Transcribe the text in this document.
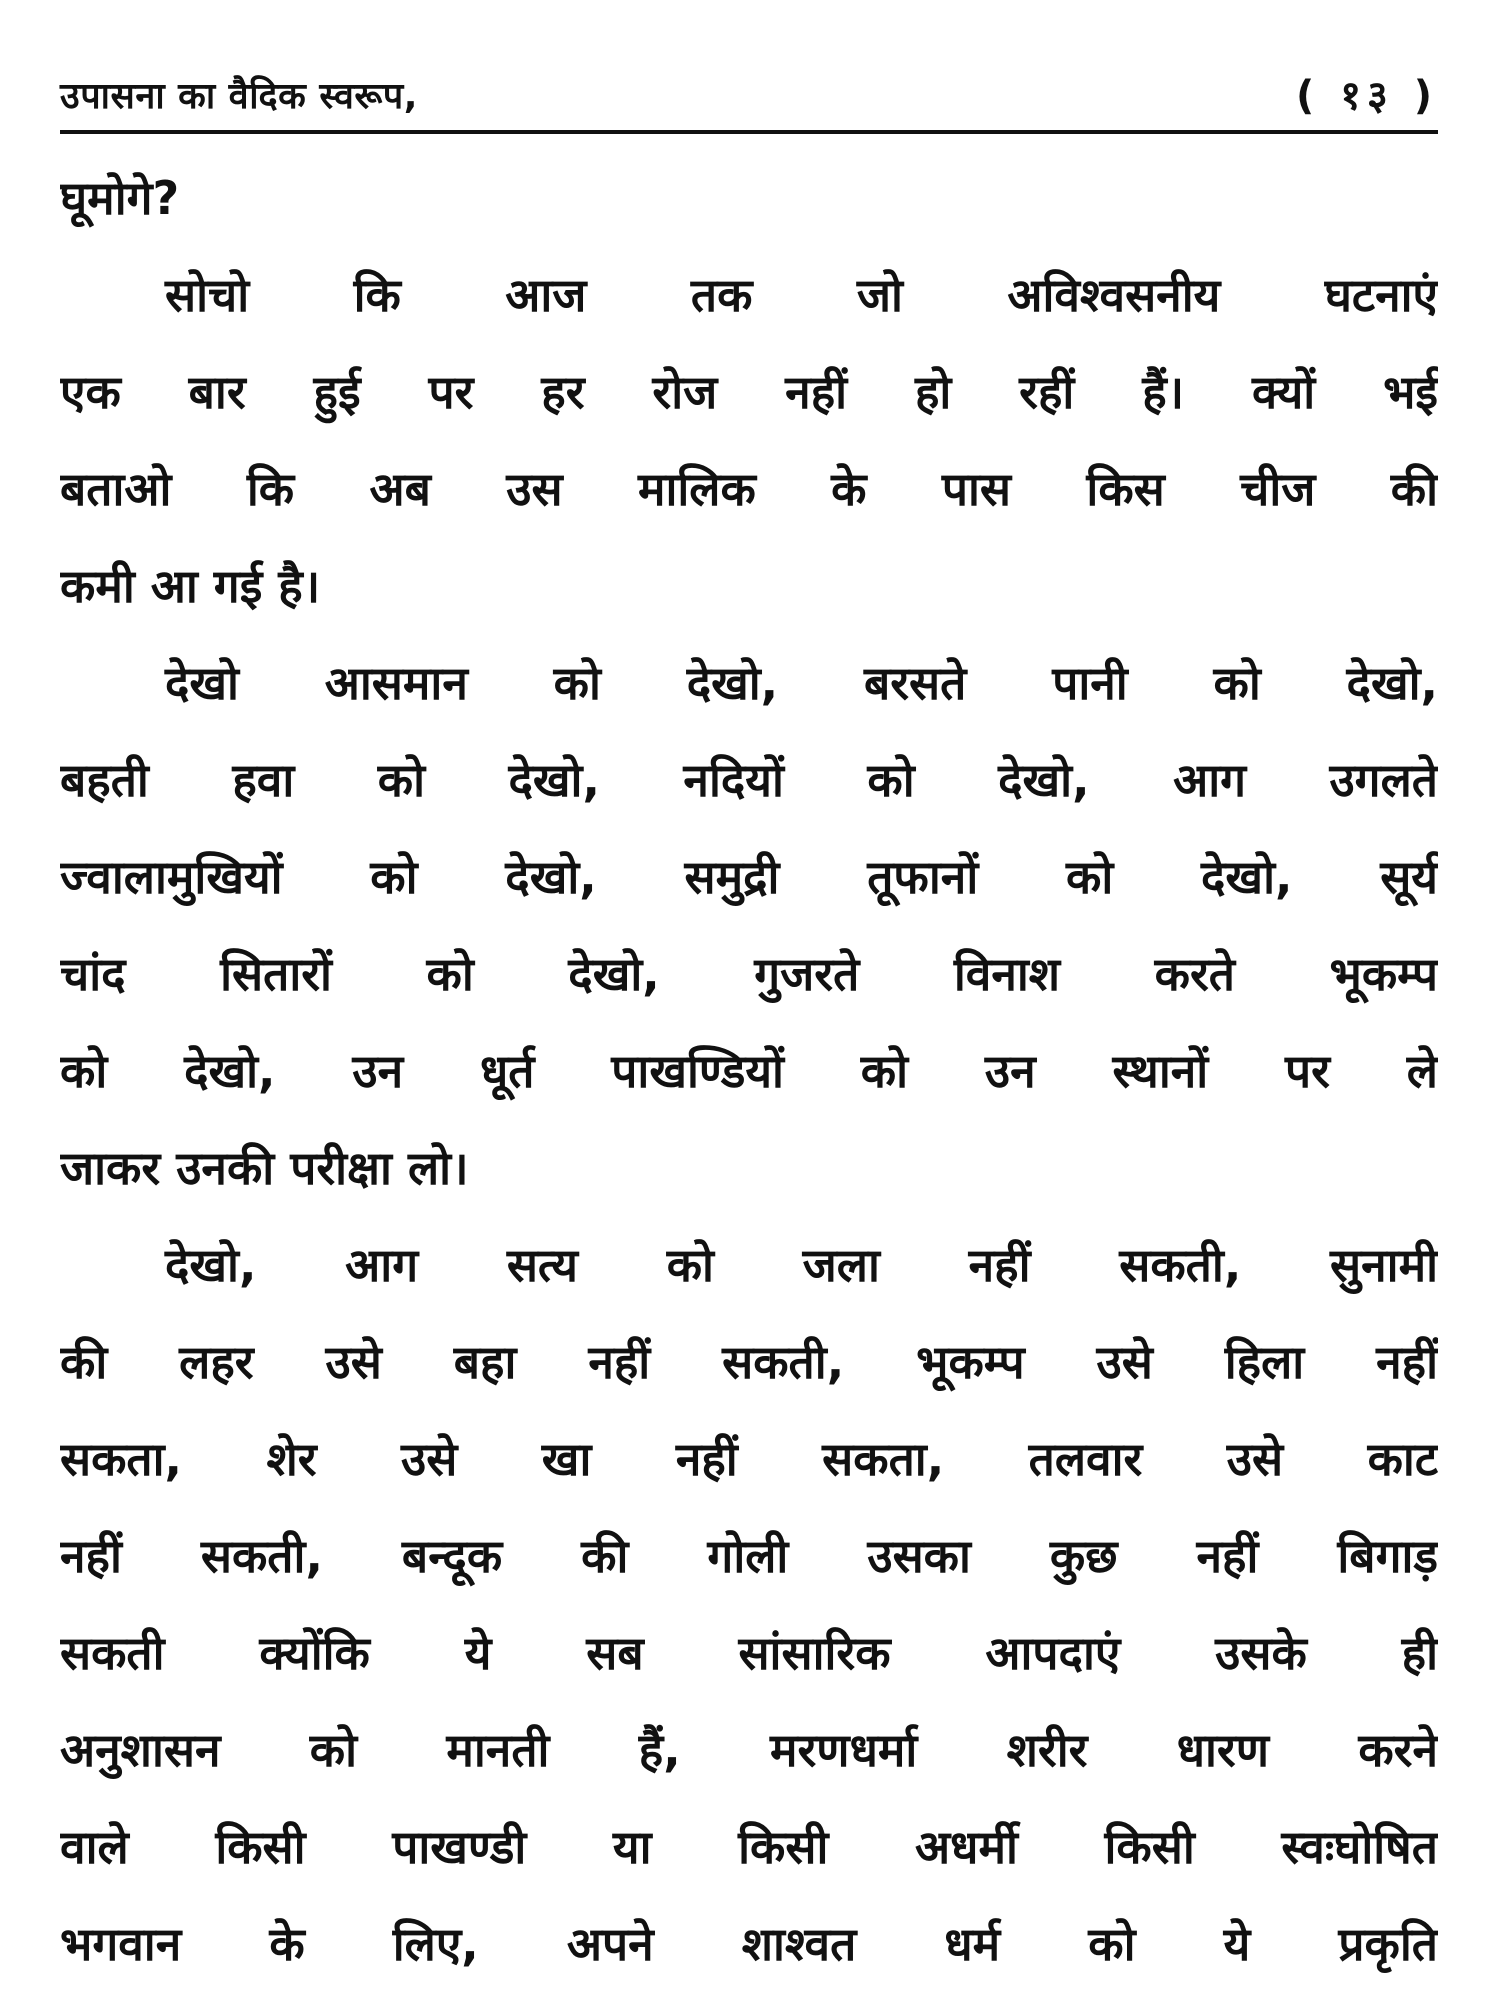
उपासना का वैदिक स्वरूप,	( १३ )
घूमोगे?
सोचो कि आज तक जो अविश्वसनीय घटनाएं
एक बार हुई पर हर रोज नहीं हो रहीं हैं। क्यों भई
बताओ कि अब उस मालिक के पास किस चीज की
कमी आ गई है।
देखो आसमान को देखो, बरसते पानी को देखो,
बहती हवा को देखो, नदियों को देखो, आग उगलते
ज्वालामुखियों को देखो, समुद्री तूफानों को देखो, सूर्य
चांद सितारों को देखो, गुजरते विनाश करते भूकम्प
को देखो, उन धूर्त पाखण्डियों को उन स्थानों पर ले
जाकर उनकी परीक्षा लो।
देखो, आग सत्य को जला नहीं सकती, सुनामी
की लहर उसे बहा नहीं सकती, भूकम्प उसे हिला नहीं
सकता, शेर उसे खा नहीं सकता, तलवार उसे काट
नहीं सकती, बन्दूक की गोली उसका कुछ नहीं बिगाड़
सकती क्योंकि ये सब सांसारिक आपदाएं उसके ही
अनुशासन को मानती हैं, मरणधर्मा शरीर धारण करने
वाले किसी पाखण्डी या किसी अधर्मी किसी स्वःघोषित
भगवान के लिए, अपने शाश्वत धर्म को ये प्रकृति
